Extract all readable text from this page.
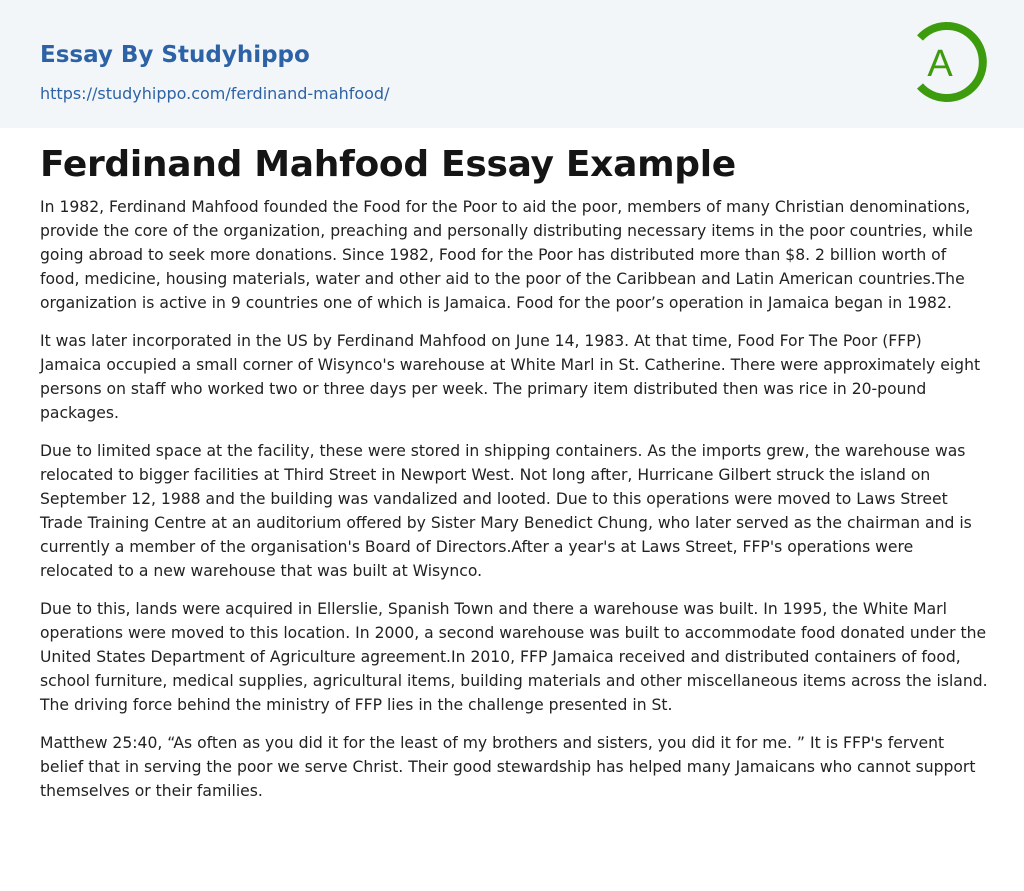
Essay By Studyhippo
https://studyhippo.com/ferdinand-mahfood/
A
Ferdinand Mahfood Essay Example

In 1982, Ferdinand Mahfood founded the Food for the Poor to aid the poor, members of many Christian denominations, provide the core of the organization, preaching and personally distributing necessary items in the poor countries, while going abroad to seek more donations. Since 1982, Food for the Poor has distributed more than $8. 2 billion worth of food, medicine, housing materials, water and other aid to the poor of the Caribbean and Latin American countries.The organization is active in 9 countries one of which is Jamaica. Food for the poor’s operation in Jamaica began in 1982.

It was later incorporated in the US by Ferdinand Mahfood on June 14, 1983. At that time, Food For The Poor (FFP) Jamaica occupied a small corner of Wisynco's warehouse at White Marl in St. Catherine. There were approximately eight persons on staff who worked two or three days per week. The primary item distributed then was rice in 20-pound packages.

Due to limited space at the facility, these were stored in shipping containers. As the imports grew, the warehouse was relocated to bigger facilities at Third Street in Newport West. Not long after, Hurricane Gilbert struck the island on September 12, 1988 and the building was vandalized and looted. Due to this operations were moved to Laws Street Trade Training Centre at an auditorium offered by Sister Mary Benedict Chung, who later served as the chairman and is currently a member of the organisation's Board of Directors.After a year's at Laws Street, FFP's operations were relocated to a new warehouse that was built at Wisynco.

Due to this, lands were acquired in Ellerslie, Spanish Town and there a warehouse was built. In 1995, the White Marl operations were moved to this location. In 2000, a second warehouse was built to accommodate food donated under the United States Department of Agriculture agreement.In 2010, FFP Jamaica received and distributed containers of food, school furniture, medical supplies, agricultural items, building materials and other miscellaneous items across the island. The driving force behind the ministry of FFP lies in the challenge presented in St.

Matthew 25:40, “As often as you did it for the least of my brothers and sisters, you did it for me. ” It is FFP's fervent belief that in serving the poor we serve Christ. Their good stewardship has helped many Jamaicans who cannot support themselves or their families.
